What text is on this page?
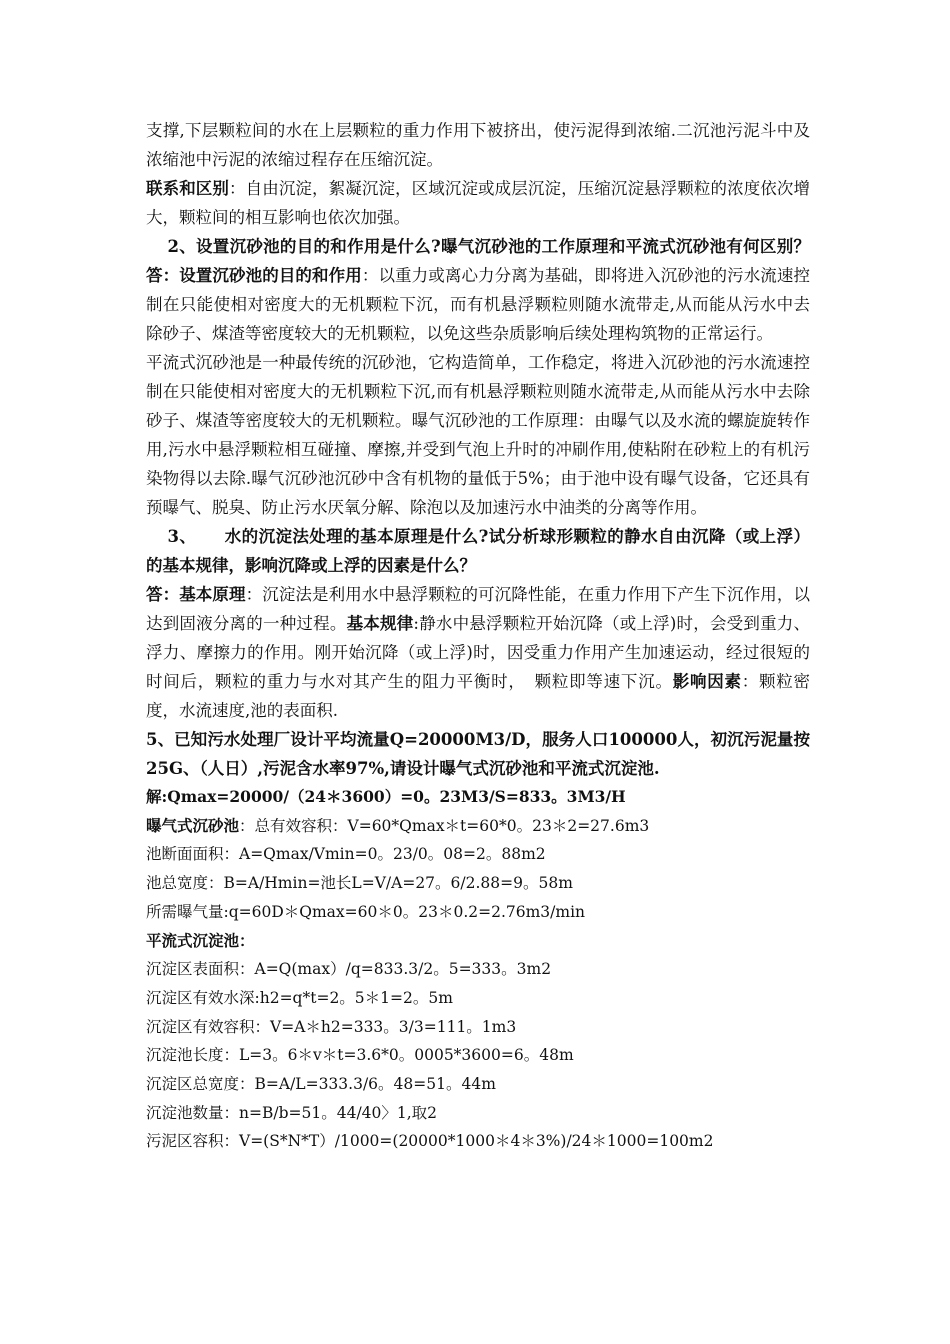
支撑,下层颗粒间的水在上层颗粒的重力作用下被挤出，使污泥得到浓缩.二沉池污泥斗中及浓缩池中污泥的浓缩过程存在压缩沉淀。

联系和区别：自由沉淀，絮凝沉淀，区域沉淀或成层沉淀，压缩沉淀悬浮颗粒的浓度依次增大，颗粒间的相互影响也依次加强。

2、设置沉砂池的目的和作用是什么?曝气沉砂池的工作原理和平流式沉砂池有何区别？答：设置沉砂池的目的和作用：以重力或离心力分离为基础，即将进入沉砂池的污水流速控制在只能使相对密度大的无机颗粒下沉，而有机悬浮颗粒则随水流带走,从而能从污水中去除砂子、煤渣等密度较大的无机颗粒，以免这些杂质影响后续处理构筑物的正常运行。

平流式沉砂池是一种最传统的沉砂池，它构造简单，工作稳定，将进入沉砂池的污水流速控制在只能使相对密度大的无机颗粒下沉,而有机悬浮颗粒则随水流带走,从而能从污水中去除砂子、煤渣等密度较大的无机颗粒。曝气沉砂池的工作原理：由曝气以及水流的螺旋旋转作用,污水中悬浮颗粒相互碰撞、摩擦,并受到气泡上升时的冲刷作用,使粘附在砂粒上的有机污染物得以去除.曝气沉砂池沉砂中含有机物的量低于5%；由于池中设有曝气设备，它还具有预曝气、脱臭、防止污水厌氧分解、除泡以及加速污水中油类的分离等作用。

3、 水的沉淀法处理的基本原理是什么?试分析球形颗粒的静水自由沉降（或上浮）的基本规律，影响沉降或上浮的因素是什么？

答：基本原理：沉淀法是利用水中悬浮颗粒的可沉降性能，在重力作用下产生下沉作用，以达到固液分离的一种过程。基本规律:静水中悬浮颗粒开始沉降（或上浮)时，会受到重力、浮力、摩擦力的作用。刚开始沉降（或上浮)时，因受重力作用产生加速运动，经过很短的时间后，颗粒的重力与水对其产生的阻力平衡时，　颗粒即等速下沉。影响因素：颗粒密度，水流速度,池的表面积.

5、已知污水处理厂设计平均流量Q=20000M3/D，服务人口100000人，初沉污泥量按25G、（人日）,污泥含水率97%,请设计曝气式沉砂池和平流式沉淀池.

解:Qmax=20000/（24＊3600）=0。23M3/S=833。3M3/H

曝气式沉砂池：总有效容积：V=60*Qmax＊t=60*0。23＊2=27.6m3

池断面面积：A=Qmax/Vmin=0。23/0。08=2。88m2

池总宽度：B=A/Hmin=池长L=V/A=27。6/2.88=9。58m

所需曝气量:q=60D＊Qmax=60＊0。23＊0.2=2.76m3/min

平流式沉淀池：

沉淀区表面积：A=Q(max）/q=833.3/2。5=333。3m2

沉淀区有效水深:h2=q*t=2。5＊1=2。5m

沉淀区有效容积：V=A＊h2=333。3/3=111。1m3

沉淀池长度：L=3。6＊v＊t=3.6*0。0005*3600=6。48m

沉淀区总宽度：B=A/L=333.3/6。48=51。44m

沉淀池数量：n=B/b=51。44/40〉1,取2

污泥区容积：V=(S*N*T）/1000=(20000*1000＊4＊3%)/24＊1000=100m2
